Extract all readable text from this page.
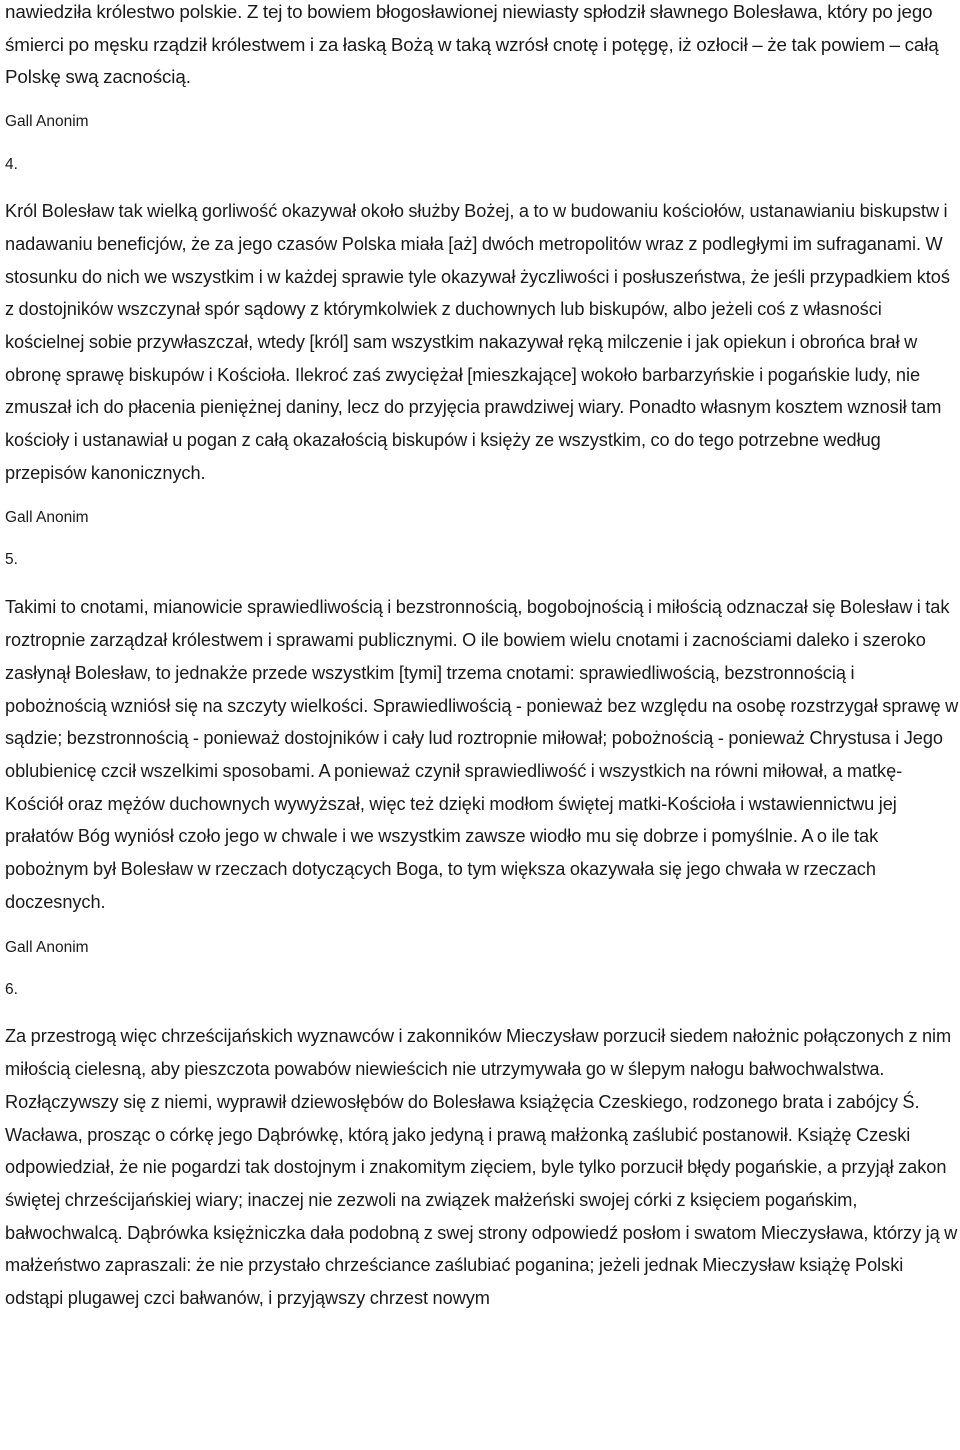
nawiedziła królestwo polskie. Z tej to bowiem błogosławionej niewiasty spłodził sławnego Bolesława, który po jego śmierci po męsku rządził królestwem i za łaską Bożą w taką wzrósł cnotę i potęgę, iż ozłocił – że tak powiem – całą Polskę swą zacnością.

Gall Anonim

4.

Król Bolesław tak wielką gorliwość okazywał około służby Bożej, a to w budowaniu kościołów, ustanawianiu biskupstw i nadawaniu beneficjów, że za jego czasów Polska miała [aż] dwóch metropolitów wraz z podległymi im sufraganami. W stosunku do nich we wszystkim i w każdej sprawie tyle okazywał życzliwości i posłuszeństwa, że jeśli przypadkiem ktoś z dostojników wszczynał spór sądowy z którymkolwiek z duchownych lub biskupów, albo jeżeli coś z własności kościelnej sobie przywłaszczał, wtedy [król] sam wszystkim nakazywał ręką milczenie i jak opiekun i obrońca brał w obronę sprawę biskupów i Kościoła. Ilekroć zaś zwyciężał [mieszkające] wokoło barbarzyńskie i pogańskie ludy, nie zmuszał ich do płacenia pieniężnej daniny, lecz do przyjęcia prawdziwej wiary. Ponadto własnym kosztem wznosił tam kościoły i ustanawiał u pogan z całą okazałością biskupów i księży ze wszystkim, co do tego potrzebne według przepisów kanonicznych.

Gall Anonim

5.

Takimi to cnotami, mianowicie sprawiedliwością i bezstronnością, bogobojnością i miłością odznaczał się Bolesław i tak roztropnie zarządzał królestwem i sprawami publicznymi. O ile bowiem wielu cnotami i zacnościami daleko i szeroko zasłynął Bolesław, to jednakże przede wszystkim [tymi] trzema cnotami: sprawiedliwością, bezstronnością i pobożnością wzniósł się na szczyty wielkości. Sprawiedliwością - ponieważ bez względu na osobę rozstrzygał sprawę w sądzie; bezstronnością - ponieważ dostojników i cały lud roztropnie miłował; pobożnością - ponieważ Chrystusa i Jego oblubienicę czcił wszelkimi sposobami. A ponieważ czynił sprawiedliwość i wszystkich na równi miłował, a matkę-Kościół oraz mężów duchownych wywyższał, więc też dzięki modłom świętej matki-Kościoła i wstawiennictwu jej prałatów Bóg wyniósł czoło jego w chwale i we wszystkim zawsze wiodło mu się dobrze i pomyślnie. A o ile tak pobożnym był Bolesław w rzeczach dotyczących Boga, to tym większa okazywała się jego chwała w rzeczach doczesnych.

Gall Anonim

6.

Za przestrogą więc chrześcijańskich wyznawców i zakonników Mieczysław porzucił siedem nałożnic połączonych z nim miłością cielesną, aby pieszczota powabów niewieścich nie utrzymywała go w ślepym nałogu bałwochwalstwa. Rozłączywszy się z niemi, wyprawił dziewosłębów do Bolesława książęcia Czeskiego, rodzonego brata i zabójcy Ś. Wacława, prosząc o córkę jego Dąbrówkę, którą jako jedyną i prawą małżonką zaślubić postanowił. Książę Czeski odpowiedział, że nie pogardzi tak dostojnym i znakomitym zięciem, byle tylko porzucił błędy pogańskie, a przyjął zakon świętej chrześcijańskiej wiary; inaczej nie zezwoli na związek małżeński swojej córki z księciem pogańskim, bałwochwalcą. Dąbrówka księżniczka dała podobną z swej strony odpowiedź posłom i swatom Mieczysława, którzy ją w małżeństwo zapraszali: że nie przystało chrześciance zaślubiać poganina; jeżeli jednak Mieczysław książę Polski odstąpi plugawej czci bałwanów, i przyjąwszy chrzest nowym
